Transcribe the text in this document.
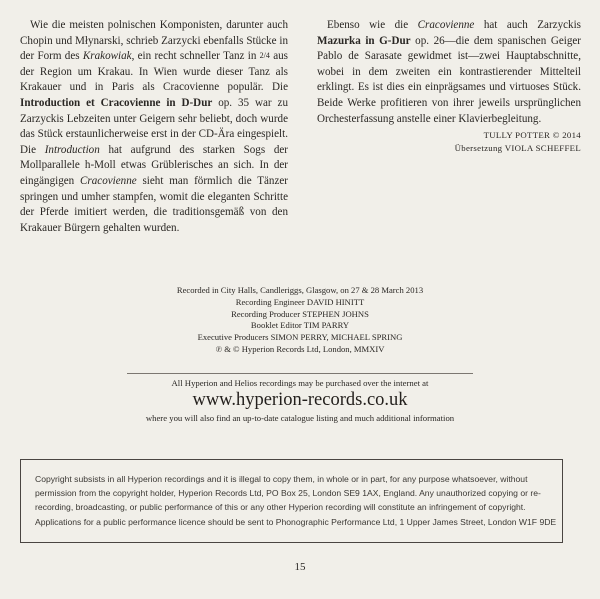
Wie die meisten polnischen Komponisten, darunter auch Chopin und Młynarski, schrieb Zarzycki ebenfalls Stücke in der Form des Krakowiak, ein recht schneller Tanz in 2/4 aus der Region um Krakau. In Wien wurde dieser Tanz als Krakauer und in Paris als Cracovienne populär. Die Introduction et Cracovienne in D-Dur op. 35 war zu Zarzyckis Lebzeiten unter Geigern sehr beliebt, doch wurde das Stück erstaunlicherweise erst in der CD-Ära eingespielt. Die Introduction hat aufgrund des starken Sogs der Mollparallele h-Moll etwas Grüblerisches an sich. In der eingängigen Cracovienne sieht man förmlich die Tänzer springen und umher stampfen, womit die eleganten Schritte der Pferde imitiert werden, die traditionsgemäß von den Krakauer Bürgern gehalten wurden.

Ebenso wie die Cracovienne hat auch Zarzyckis Mazurka in G-Dur op. 26—die dem spanischen Geiger Pablo de Sarasate gewidmet ist—zwei Hauptabschnitte, wobei in dem zweiten ein kontrastierender Mittelteil erklingt. Es ist dies ein einprägsames und virtuoses Stück. Beide Werke profitieren von ihrer jeweils ursprünglichen Orchesterfassung anstelle einer Klavierbegleitung.

TULLY POTTER © 2014
Übersetzung VIOLA SCHEFFEL
Recorded in City Halls, Candleriggs, Glasgow, on 27 & 28 March 2013
Recording Engineer DAVID HINITT
Recording Producer STEPHEN JOHNS
Booklet Editor TIM PARRY
Executive Producers SIMON PERRY, MICHAEL SPRING
℗ & © Hyperion Records Ltd, London, MMXIV
All Hyperion and Helios recordings may be purchased over the internet at
www.hyperion-records.co.uk
where you will also find an up-to-date catalogue listing and much additional information
Copyright subsists in all Hyperion recordings and it is illegal to copy them, in whole or in part, for any purpose whatsoever, without permission from the copyright holder, Hyperion Records Ltd, PO Box 25, London SE9 1AX, England. Any unauthorized copying or re-recording, broadcasting, or public performance of this or any other Hyperion recording will constitute an infringement of copyright. Applications for a public performance licence should be sent to Phonographic Performance Ltd, 1 Upper James Street, London W1F 9DE
15
